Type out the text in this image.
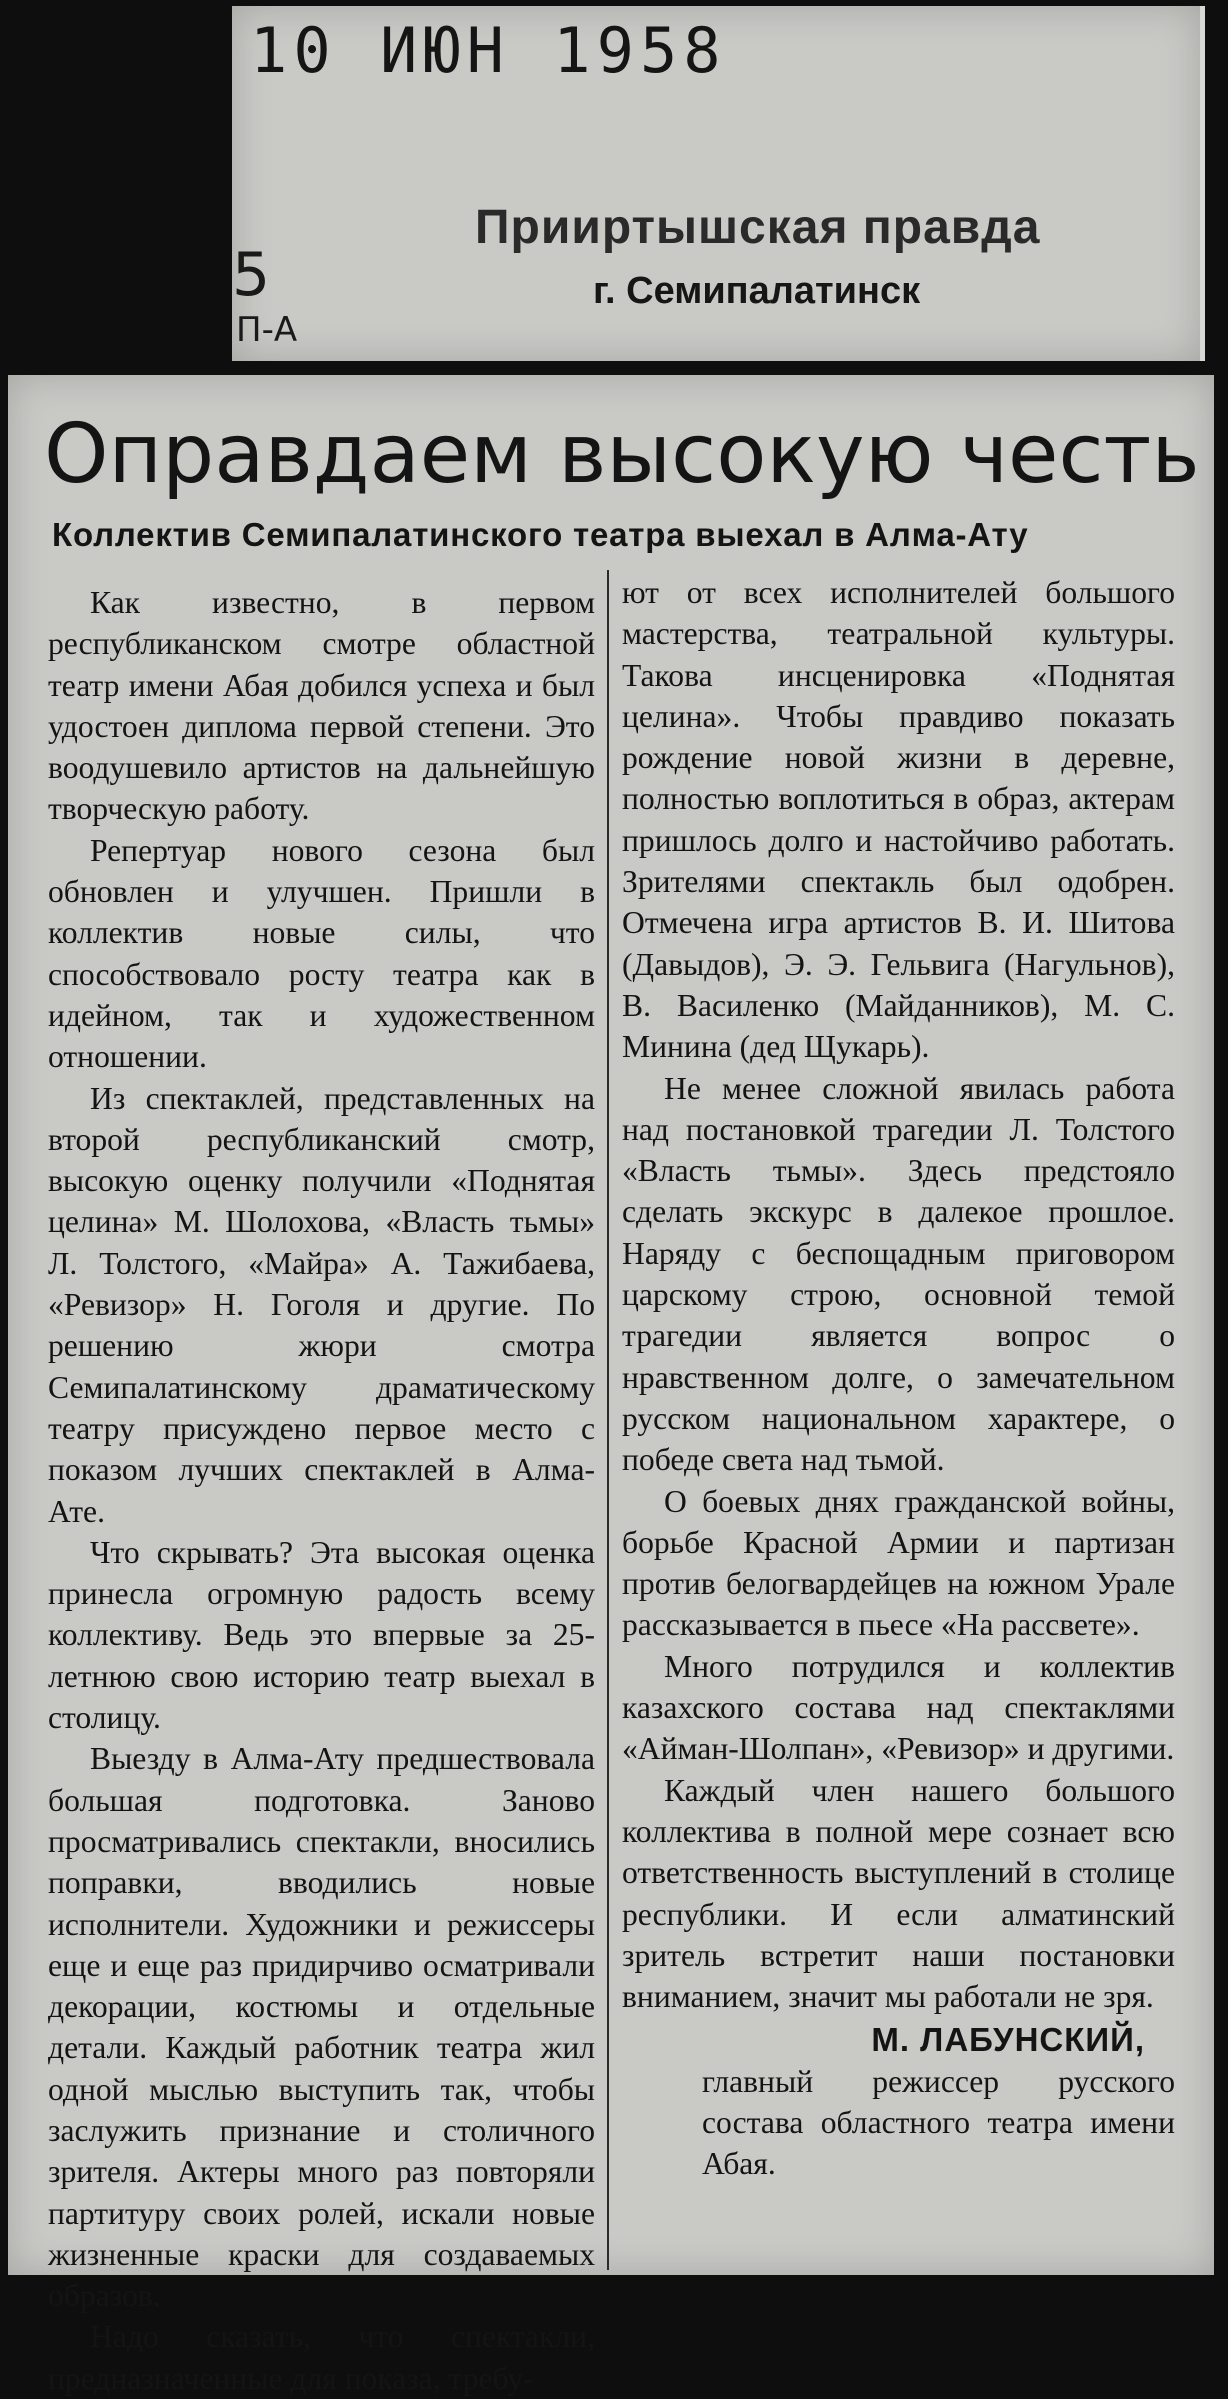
10 ИЮН 1958
5
П-А
Прииртышская правда
г. Семипалатинск
Оправдаем высокую честь
Коллектив Семипалатинского театра выехал в Алма-Ату

Как известно, в первом республиканском смотре областной театр имени Абая добился успеха и был удостоен диплома первой степени. Это воодушевило артистов на дальнейшую творческую работу.

Репертуар нового сезона был обновлен и улучшен. Пришли в коллектив новые силы, что способствовало росту театра как в идейном, так и художественном отношении.

Из спектаклей, представленных на второй республиканский смотр, высокую оценку получили «Поднятая целина» М. Шолохова, «Власть тьмы» Л. Толстого, «Майра» А. Тажибаева, «Ревизор» Н. Гоголя и другие. По решению жюри смотра Семипалатинскому драматическому театру присуждено первое место с показом лучших спектаклей в Алма-Ате.

Что скрывать? Эта высокая оценка принесла огромную радость всему коллективу. Ведь это впервые за 25-летнюю свою историю театр выехал в столицу.

Выезду в Алма-Ату предшествовала большая подготовка. Заново просматривались спектакли, вносились поправки, вводились новые исполнители. Художники и режиссеры еще и еще раз придирчиво осматривали декорации, костюмы и отдельные детали. Каждый работник театра жил одной мыслью выступить так, чтобы заслужить признание и столичного зрителя. Актеры много раз повторяли партитуру своих ролей, искали новые жизненные краски для создаваемых образов.

Надо сказать, что спектакли, предназначенные для показа, требу-

ют от всех исполнителей большого мастерства, театральной культуры. Такова инсценировка «Поднятая целина». Чтобы правдиво показать рождение новой жизни в деревне, полностью воплотиться в образ, актерам пришлось долго и настойчиво работать. Зрителями спектакль был одобрен. Отмечена игра артистов В. И. Шитова (Давыдов), Э. Э. Гельвига (Нагульнов), В. Василенко (Майданников), М. С. Минина (дед Щукарь).

Не менее сложной явилась работа над постановкой трагедии Л. Толстого «Власть тьмы». Здесь предстояло сделать экскурс в далекое прошлое. Наряду с беспощадным приговором царскому строю, основной темой трагедии является вопрос о нравственном долге, о замечательном русском национальном характере, о победе света над тьмой.

О боевых днях гражданской войны, борьбе Красной Армии и партизан против белогвардейцев на южном Урале рассказывается в пьесе «На рассвете».

Много потрудился и коллектив казахского состава над спектаклями «Айман-Шолпан», «Ревизор» и другими.

Каждый член нашего большого коллектива в полной мере сознает всю ответственность выступлений в столице республики. И если алматинский зритель встретит наши постановки вниманием, значит мы работали не зря.

М. ЛАБУНСКИЙ,

главный режиссер русского состава областного театра имени Абая.
